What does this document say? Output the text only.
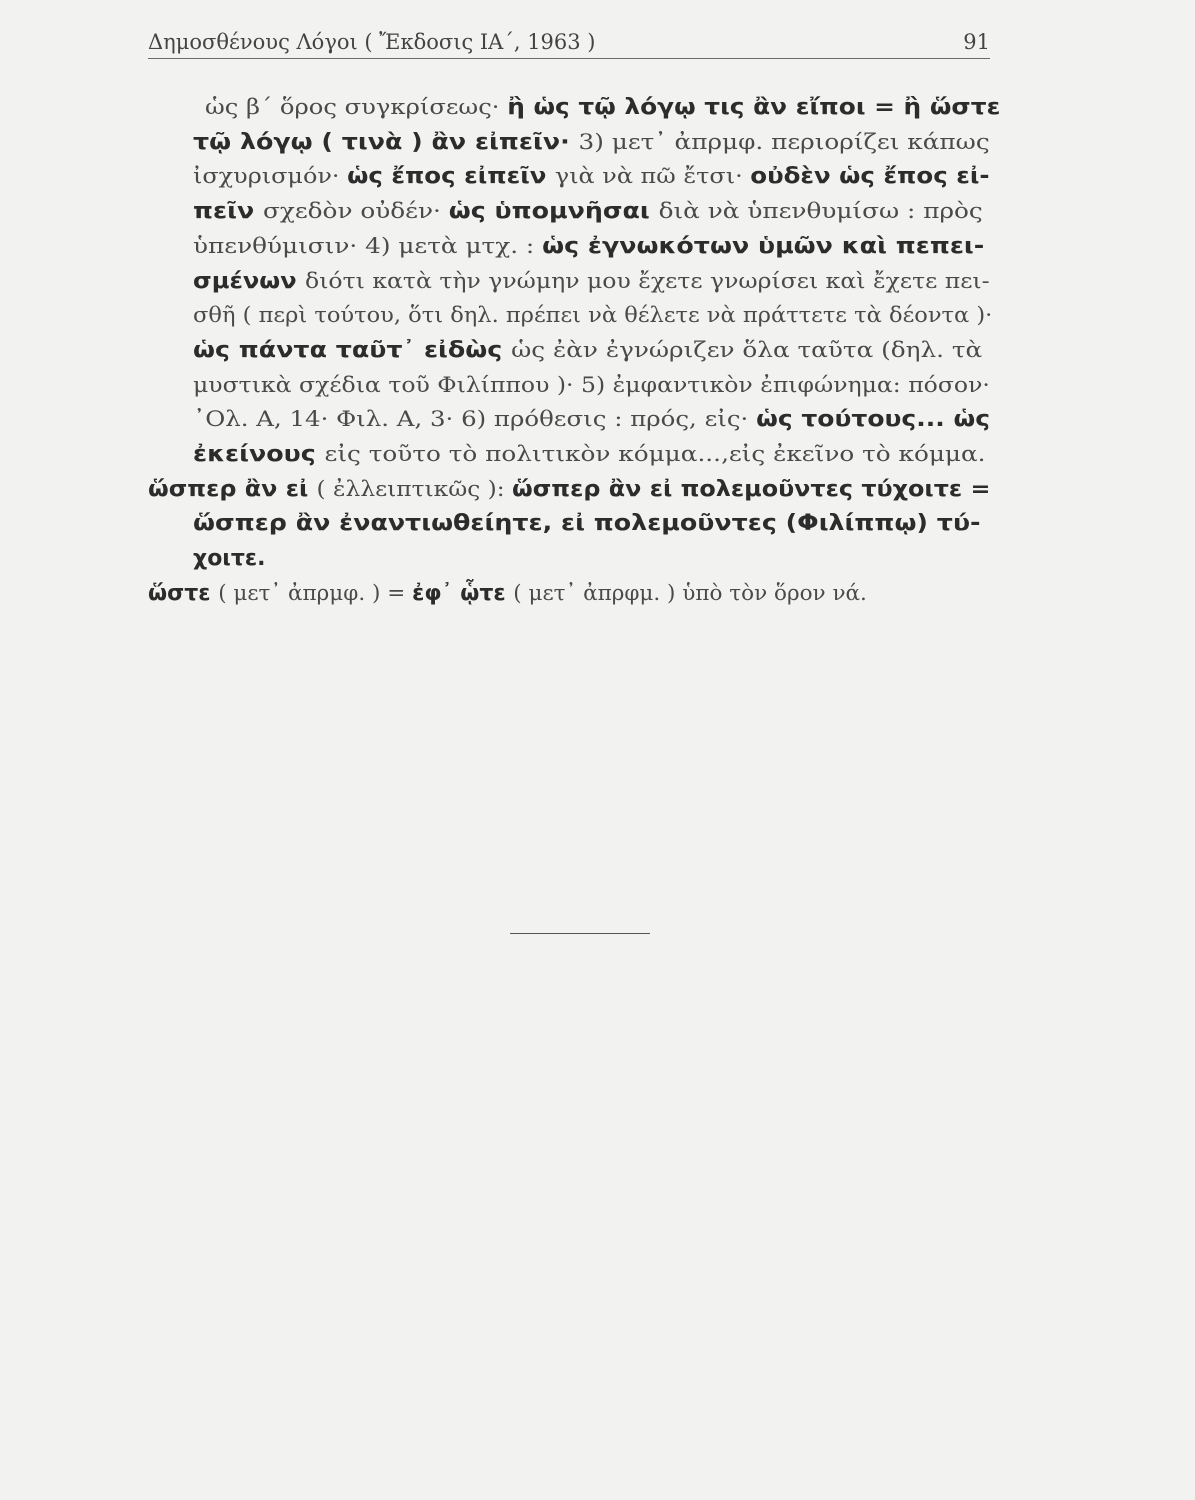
Δημοσθένους Λόγοι ( Ἔκδοσις ΙΑ΄, 1963 )	91
ὡς β΄ ὅρος συγκρίσεως· ἢ ὡς τῷ λόγῳ τις ἂν εἴποι = ἢ ὥστε
τῷ λόγῳ ( τινὰ ) ἂν εἰπεῖν· 3) μετ᾽ ἀπρμφ. περιορίζει κάπως
ἰσχυρισμόν· ὡς ἔπος εἰπεῖν γιὰ νὰ πῶ ἔτσι· οὐδὲν ὡς ἔπος εἰ-
πεῖν σχεδὸν οὐδέν· ὡς ὑπομνῆσαι διὰ νὰ ὑπενθυμίσω : πρὸς
ὑπενθύμισιν· 4) μετὰ μτχ. : ὡς ἐγνωκότων ὑμῶν καὶ πεπει-
σμένων διότι κατὰ τὴν γνώμην μου ἔχετε γνωρίσει καὶ ἔχετε πει-
σθῆ ( περὶ τούτου, ὅτι δηλ. πρέπει νὰ θέλετε νὰ πράττετε τὰ δέοντα )·
ὡς πάντα ταῦτ᾽ εἰδὼς ὡς ἐὰν ἐγνώριζεν ὅλα ταῦτα (δηλ. τὰ
μυστικὰ σχέδια τοῦ Φιλίππου )· 5) ἐμφαντικὸν ἐπιφώνημα: πόσον·
᾽Ολ. Α, 14· Φιλ. Α, 3· 6) πρόθεσις : πρός, εἰς· ὡς τούτους... ὡς
ἐκείνους εἰς τοῦτο τὸ πολιτικὸν κόμμα...‚εἰς ἐκεῖνο τὸ κόμμα.
ὥσπερ ἂν εἰ ( ἐλλειπτικῶς ): ὥσπερ ἂν εἰ πολεμοῦντες τύχοιτε =
ὥσπερ ἂν ἐναντιωθείητε, εἰ πολεμοῦντες (Φιλίππῳ) τύ-
χοιτε.
ὥστε ( μετ᾽ ἀπρμφ. ) = ἐφ᾽ ᾧτε ( μετ᾽ ἀπρφμ. ) ὑπὸ τὸν ὅρον νά.
